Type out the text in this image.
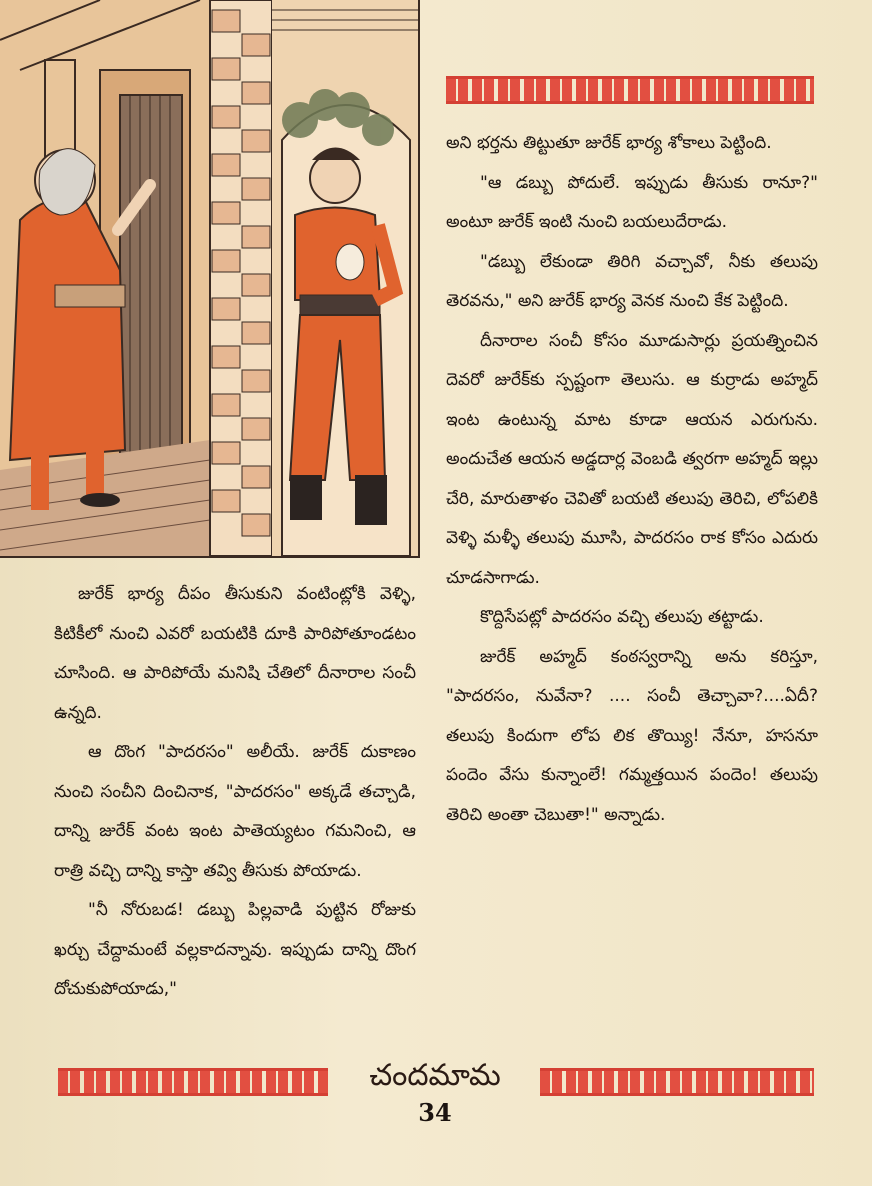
అని భర్తను తిట్టుతూ జురేక్ భార్య శోకాలు పెట్టింది.

"ఆ డబ్బు పోదులే. ఇప్పుడు తీసుకు రానూ?" అంటూ జురేక్ ఇంటి నుంచి బయలుదేరాడు.

"డబ్బు లేకుండా తిరిగి వచ్చావో, నీకు తలుపు తెరవను," అని జురేక్ భార్య వెనక నుంచి కేక పెట్టింది.

దీనారాల సంచీ కోసం మూడుసార్లు ప్రయత్నించిన దెవరో జురేక్‌కు స్పష్టంగా తెలుసు. ఆ కుర్రాడు అహ్మద్ ఇంట ఉంటున్న మాట కూడా ఆయన ఎరుగును. అందుచేత ఆయన అడ్డదార్ల వెంబడి త్వరగా అహ్మద్ ఇల్లు చేరి, మారుతాళం చెవితో బయటి తలుపు తెరిచి, లోపలికి వెళ్ళి మళ్ళీ తలుపు మూసి, పాదరసం రాక కోసం ఎదురు చూడసాగాడు.

కొద్దిసేపట్లో పాదరసం వచ్చి తలుపు తట్టాడు.

జురేక్ అహ్మద్ కంఠస్వరాన్ని అను కరిస్తూ, "పాదరసం, నువేనా? .... సంచీ తెచ్చావా?....ఏదీ? తలుపు కిందుగా లోప లిక తొయ్యి! నేనూ, హసనూ పందెం వేసు కున్నాంలే! గమ్మత్తయిన పందెం! తలుపు తెరిచి అంతా చెబుతా!" అన్నాడు.

జురేక్ భార్య దీపం తీసుకుని వంటింట్లోకి వెళ్ళి, కిటికీలో నుంచి ఎవరో బయటికి దూకి పారిపోతూండటం చూసింది. ఆ పారిపోయే మనిషి చేతిలో దీనారాల సంచీ ఉన్నది.

ఆ దొంగ "పాదరసం" అలీయే. జురేక్ దుకాణం నుంచి సంచీని దించినాక, "పాదరసం" అక్కడే తచ్చాడి, దాన్ని జురేక్ వంట ఇంట పాతెయ్యటం గమనించి, ఆ రాత్రి వచ్చి దాన్ని కాస్తా తవ్వి తీసుకు పోయాడు.

"నీ నోరుబడ! డబ్బు పిల్లవాడి పుట్టిన రోజుకు ఖర్చు చేద్దామంటే వల్లకాదన్నావు. ఇప్పుడు దాన్ని దొంగ దోచుకుపోయాడు,"

చందమామ
34
